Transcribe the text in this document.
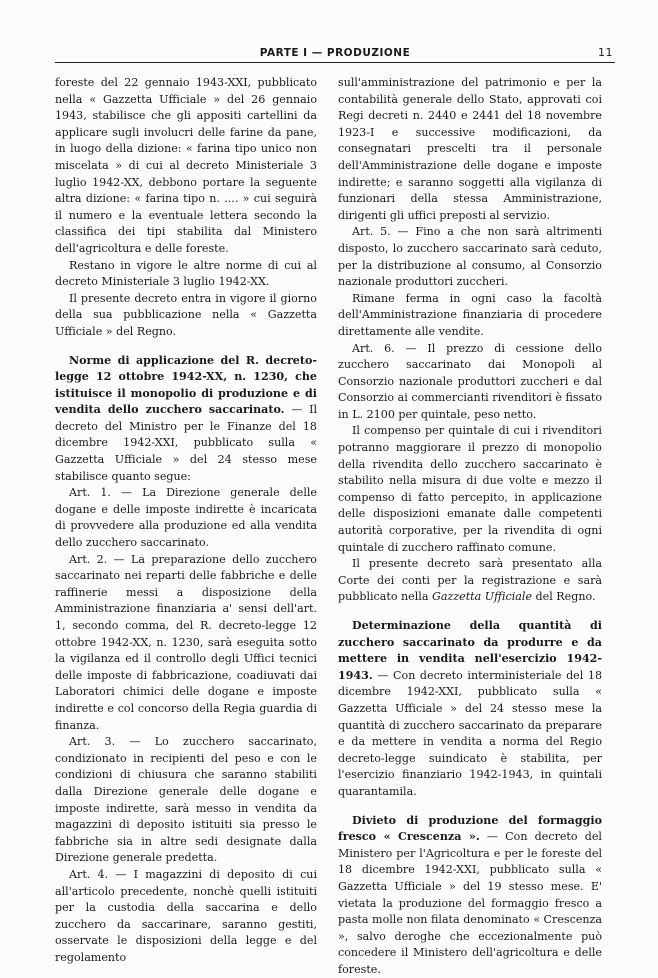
PARTE I — PRODUZIONE	11

foreste del 22 gennaio 1943-XXI, pubblicato nella « Gazzetta Ufficiale » del 26 gennaio 1943, stabilisce che gli appositi cartellini da applicare sugli involucri delle farine da pane, in luogo della dizione: « farina tipo unico non miscelata » di cui al decreto Ministeriale 3 luglio 1942-XX, debbono portare la seguente altra dizione: « farina tipo n. .... » cui seguirà il numero e la eventuale lettera secondo la classifica dei tipi stabilita dal Ministero dell'agricoltura e delle foreste.

Restano in vigore le altre norme di cui al decreto Ministeriale 3 luglio 1942-XX.

Il presente decreto entra in vigore il giorno della sua pubblicazione nella « Gazzetta Ufficiale » del Regno.

Norme di applicazione del R. decreto-legge 12 ottobre 1942-XX, n. 1230, che istituisce il monopolio di produzione e di vendita dello zucchero saccarinato. — Il decreto del Ministro per le Finanze del 18 dicembre 1942-XXI, pubblicato sulla « Gazzetta Ufficiale » del 24 stesso mese stabilisce quanto segue:

Art. 1. — La Direzione generale delle dogane e delle imposte indirette è incaricata di provvedere alla produzione ed alla vendita dello zucchero saccarinato.

Art. 2. — La preparazione dello zucchero saccarinato nei reparti delle fabbriche e delle raffinerie messi a disposizione della Amministrazione finanziaria a' sensi dell'art. 1, secondo comma, del R. decreto-legge 12 ottobre 1942-XX, n. 1230, sarà eseguita sotto la vigilanza ed il controllo degli Uffici tecnici delle imposte di fabbricazione, coadiuvati dai Laboratori chimici delle dogane e imposte indirette e col concorso della Regia guardia di finanza.

Art. 3. — Lo zucchero saccarinato, condizionato in recipienti del peso e con le condizioni di chiusura che saranno stabiliti dalla Direzione generale delle dogane e imposte indirette, sarà messo in vendita da magazzini di deposito istituiti sia presso le fabbriche sia in altre sedi designate dalla Direzione generale predetta.

Art. 4. — I magazzini di deposito di cui all'articolo precedente, nonchè quelli istituiti per la custodia della saccarina e dello zucchero da saccarinare, saranno gestiti, osservate le disposizioni della legge e del regolamento

sull'amministrazione del patrimonio e per la contabilità generale dello Stato, approvati coi Regi decreti n. 2440 e 2441 del 18 novembre 1923-I e successive modificazioni, da consegnatari prescelti tra il personale dell'Amministrazione delle dogane e imposte indirette; e saranno soggetti alla vigilanza di funzionari della stessa Amministrazione, dirigenti gli uffici preposti al servizio.

Art. 5. — Fino a che non sarà altrimenti disposto, lo zucchero saccarinato sarà ceduto, per la distribuzione al consumo, al Consorzio nazionale produttori zuccheri.

Rimane ferma in ogni caso la facoltà dell'Amministrazione finanziaria di procedere direttamente alle vendite.

Art. 6. — Il prezzo di cessione dello zucchero saccarinato dai Monopoli al Consorzio nazionale produttori zuccheri e dal Consorzio ai commercianti rivenditori è fissato in L. 2100 per quintale, peso netto.

Il compenso per quintale di cui i rivenditori potranno maggiorare il prezzo di monopolio della rivendita dello zucchero saccarinato è stabilito nella misura di due volte e mezzo il compenso di fatto percepito, in applicazione delle disposizioni emanate dalle competenti autorità corporative, per la rivendita di ogni quintale di zucchero raffinato comune.

Il presente decreto sarà presentato alla Corte dei conti per la registrazione e sarà pubblicato nella Gazzetta Ufficiale del Regno.

Determinazione della quantità di zucchero saccarinato da produrre e da mettere in vendita nell'esercizio 1942-1943. — Con decreto interministeriale del 18 dicembre 1942-XXI, pubblicato sulla « Gazzetta Ufficiale » del 24 stesso mese la quantità di zucchero saccarinato da preparare e da mettere in vendita a norma del Regio decreto-legge suindicato è stabilita, per l'esercizio finanziario 1942-1943, in quintali quarantamila.

Divieto di produzione del formaggio fresco « Crescenza ». — Con decreto del Ministero per l'Agricoltura e per le foreste del 18 dicembre 1942-XXI, pubblicato sulla « Gazzetta Ufficiale » del 19 stesso mese. E' vietata la produzione del formaggio fresco a pasta molle non filata denominato « Crescenza », salvo deroghe che eccezionalmente può concedere il Ministero dell'agricoltura e delle foreste.
